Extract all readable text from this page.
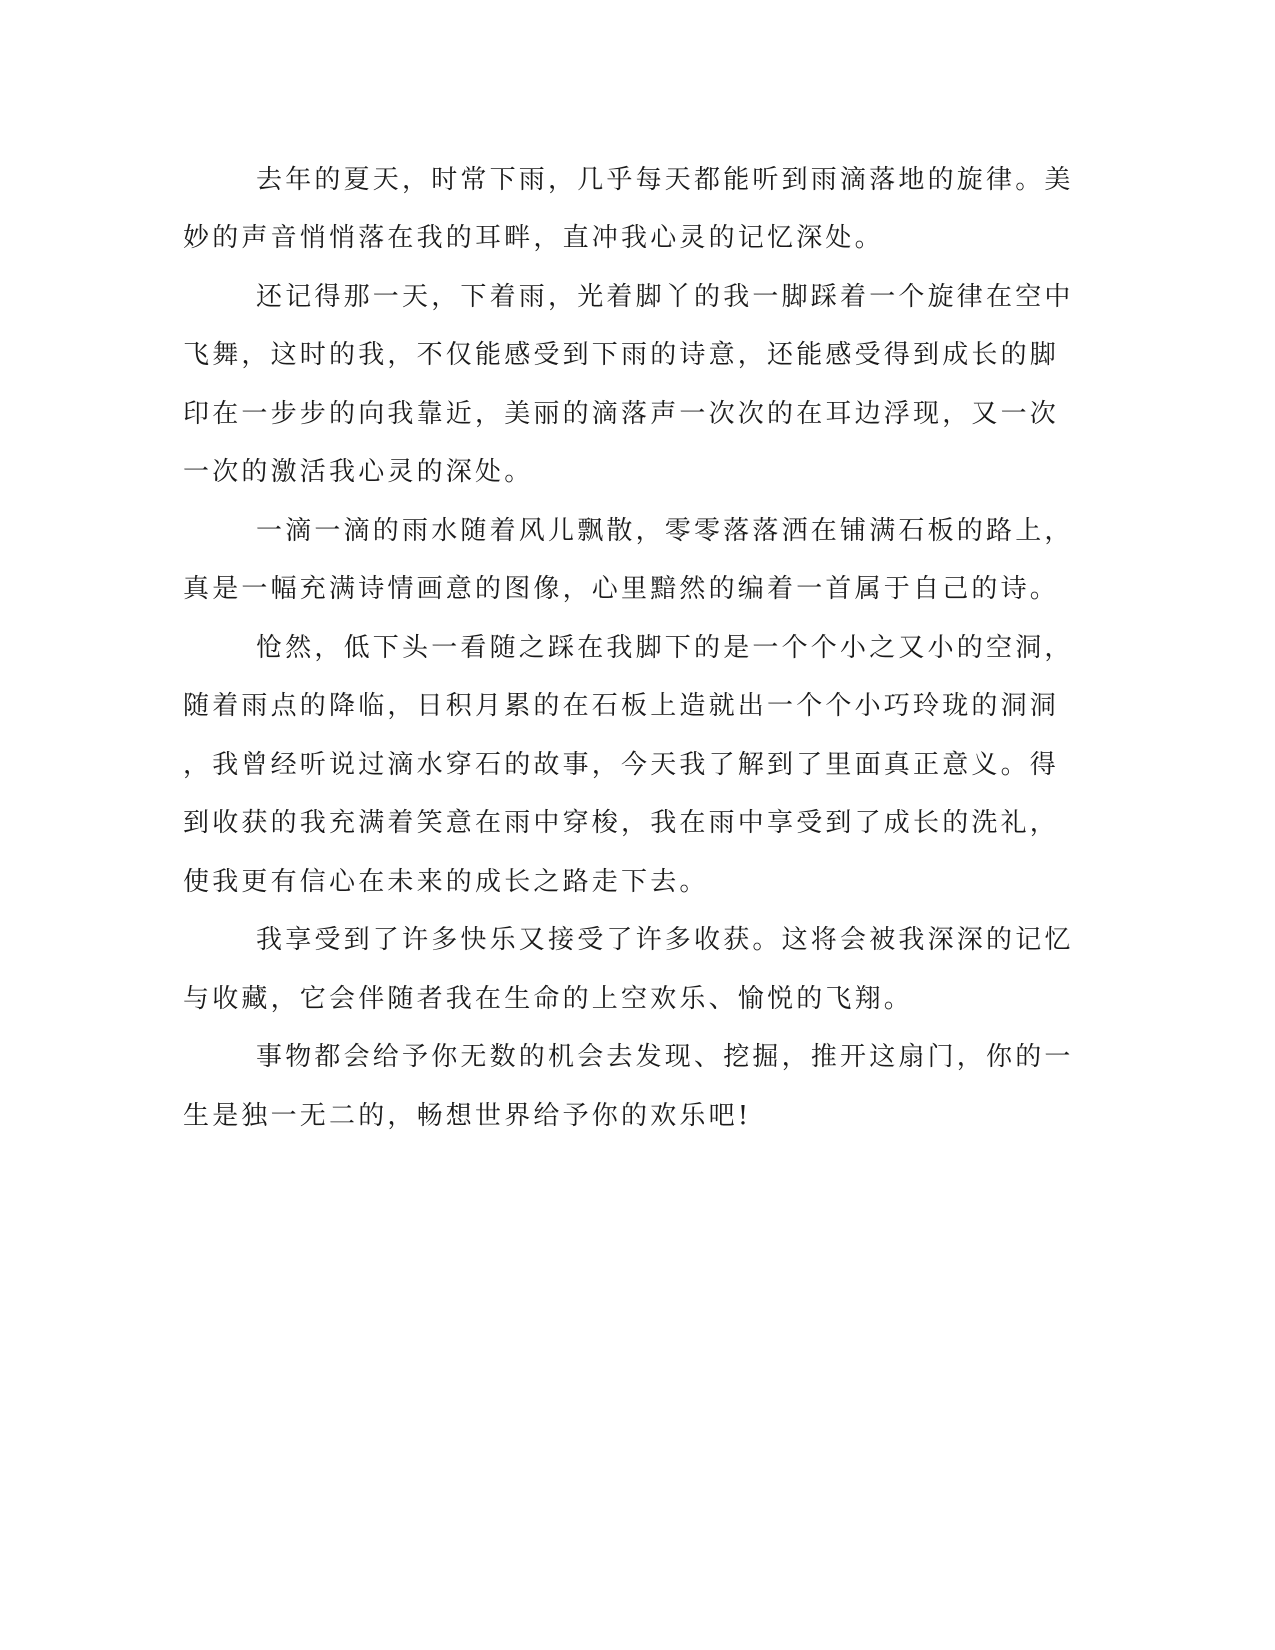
去年的夏天，时常下雨，几乎每天都能听到雨滴落地的旋律。美
妙的声音悄悄落在我的耳畔，直冲我心灵的记忆深处。
还记得那一天，下着雨，光着脚丫的我一脚踩着一个旋律在空中
飞舞，这时的我，不仅能感受到下雨的诗意，还能感受得到成长的脚
印在一步步的向我靠近，美丽的滴落声一次次的在耳边浮现，又一次
一次的激活我心灵的深处。
一滴一滴的雨水随着风儿飘散，零零落落洒在铺满石板的路上，
真是一幅充满诗情画意的图像，心里黯然的编着一首属于自己的诗。
怆然，低下头一看随之踩在我脚下的是一个个小之又小的空洞，
随着雨点的降临，日积月累的在石板上造就出一个个小巧玲珑的洞洞
，我曾经听说过滴水穿石的故事，今天我了解到了里面真正意义。得
到收获的我充满着笑意在雨中穿梭，我在雨中享受到了成长的洗礼，
使我更有信心在未来的成长之路走下去。
我享受到了许多快乐又接受了许多收获。这将会被我深深的记忆
与收藏，它会伴随者我在生命的上空欢乐、愉悦的飞翔。
事物都会给予你无数的机会去发现、挖掘，推开这扇门，你的一
生是独一无二的，畅想世界给予你的欢乐吧!
